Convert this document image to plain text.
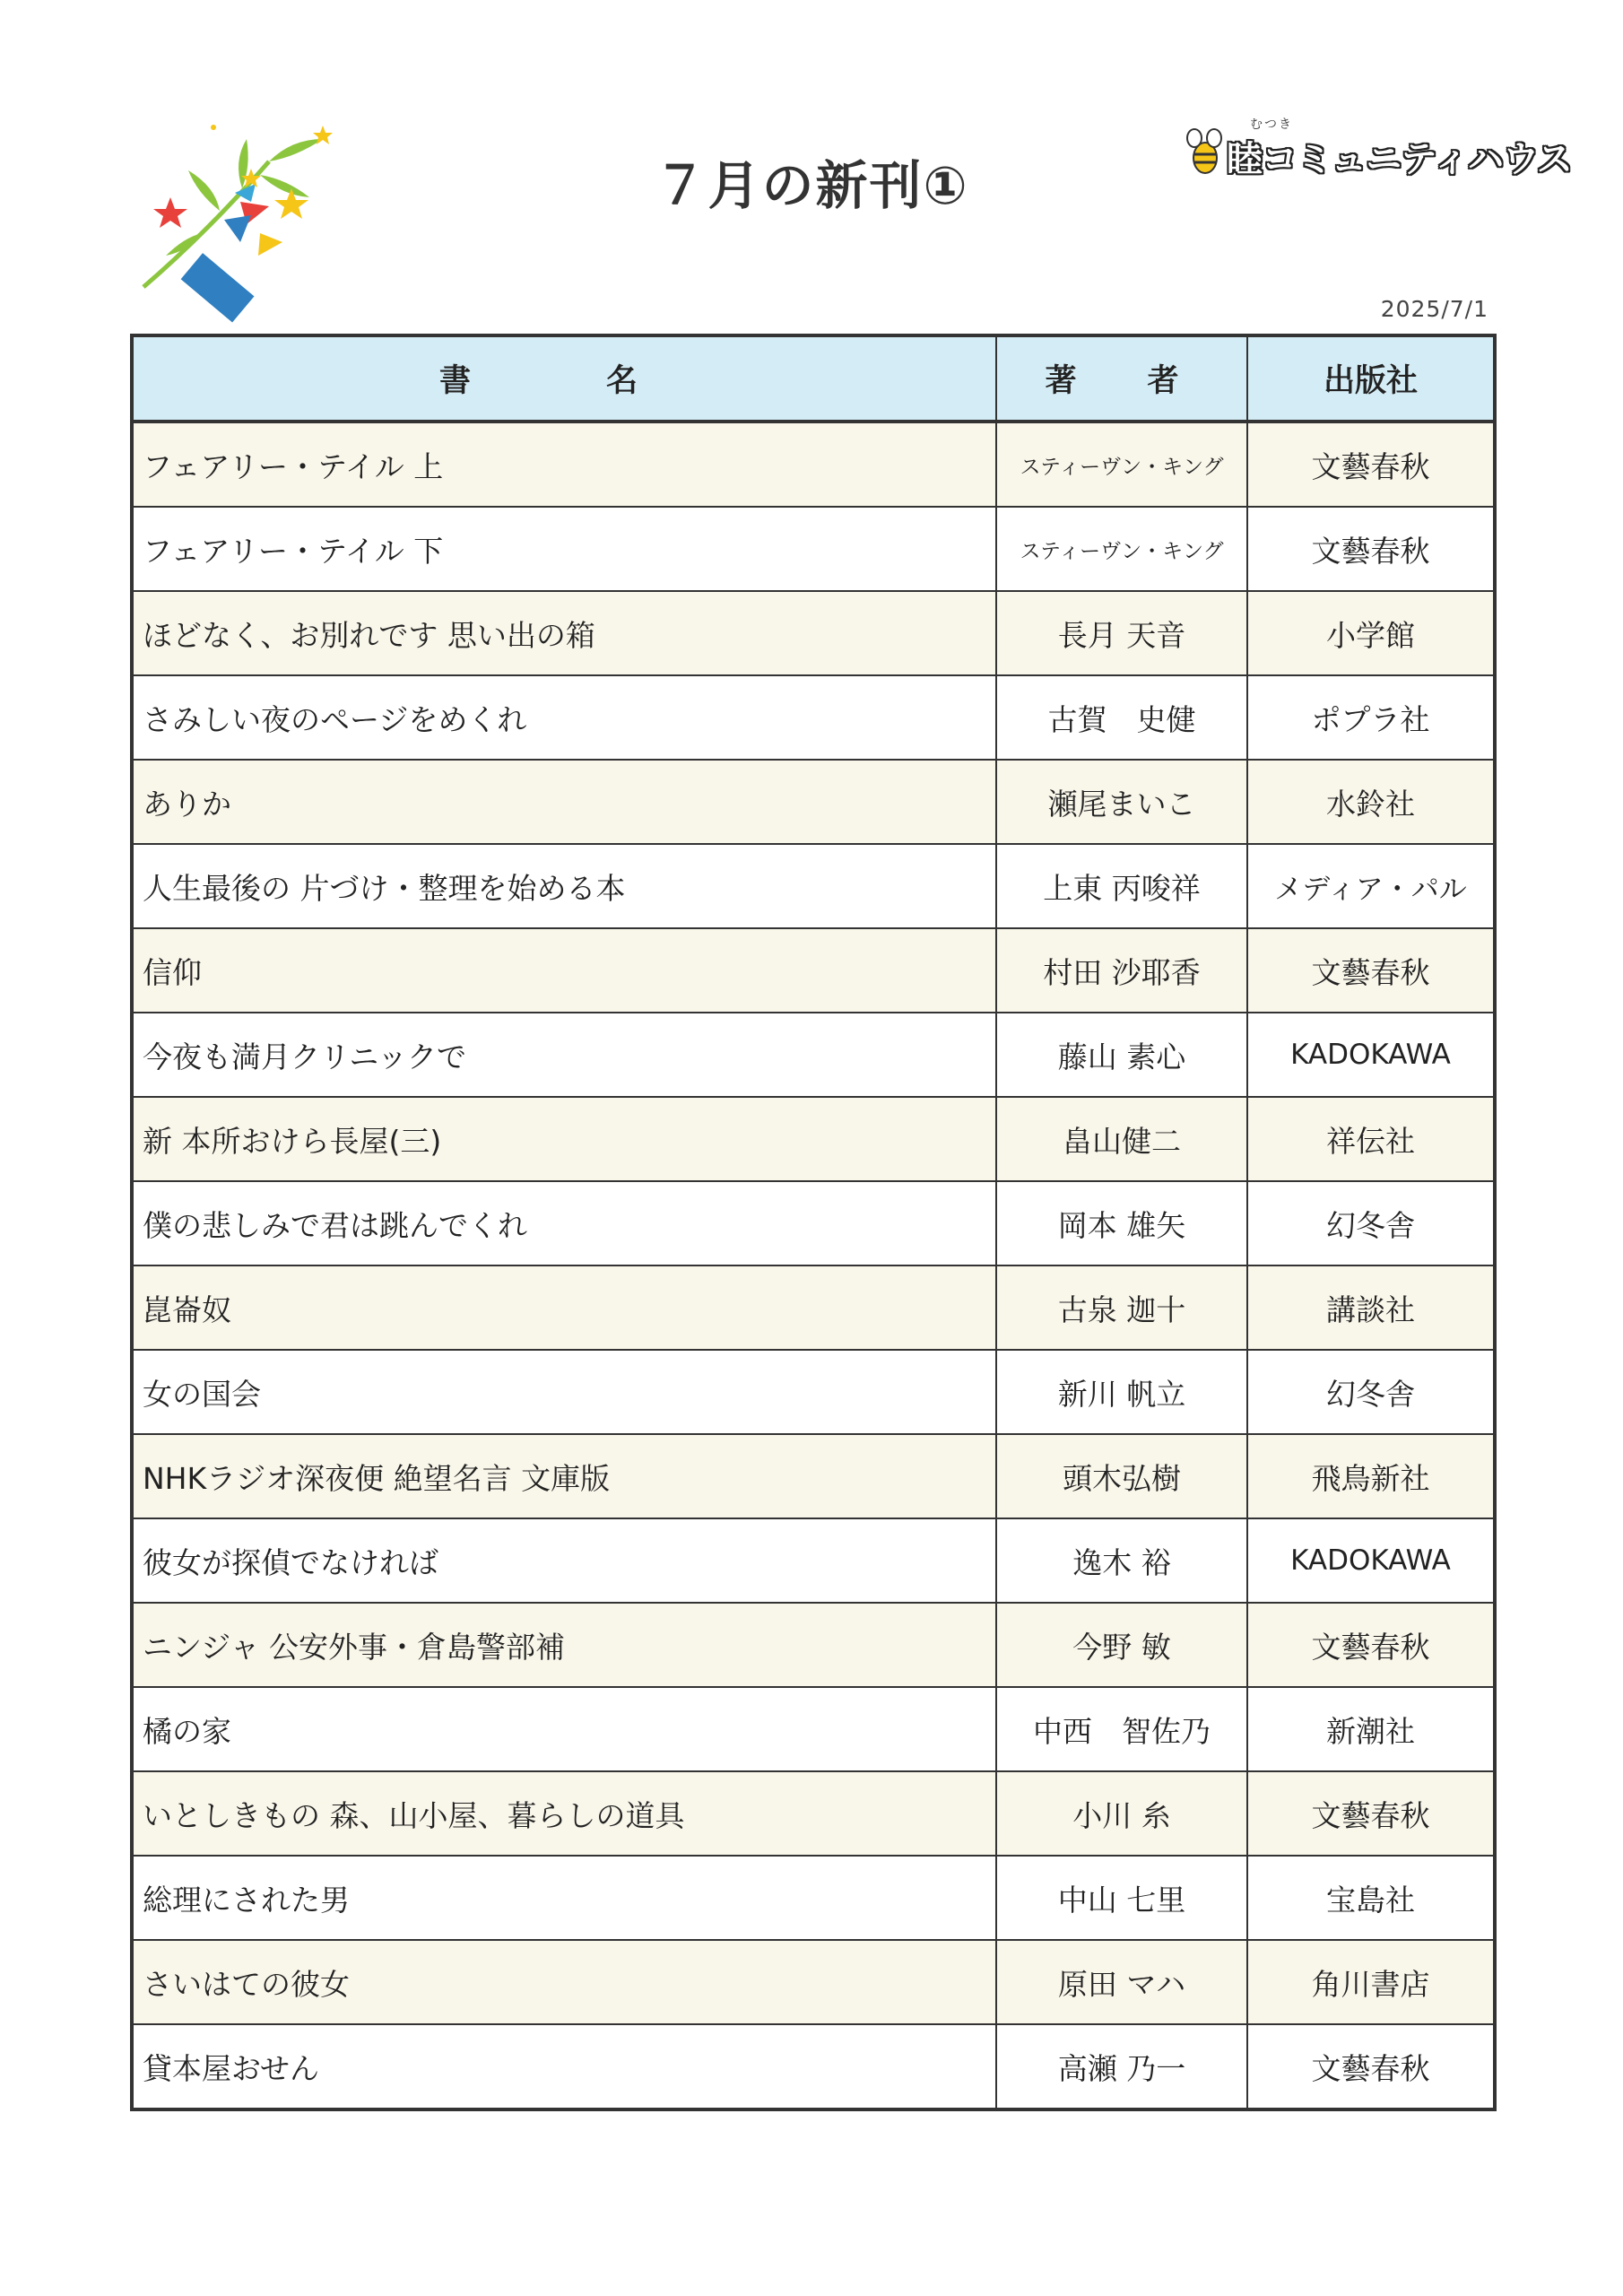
むつき
睦コミュニティハウス
７月の新刊①
2025/7/1
書　名	著　者	出版社
フェアリー・テイル 上	スティーヴン・キング	文藝春秋
フェアリー・テイル 下	スティーヴン・キング	文藝春秋
ほどなく、お別れです 思い出の箱	長月 天音	小学館
さみしい夜のページをめくれ	古賀　史健	ポプラ社
ありか	瀬尾まいこ	水鈴社
人生最後の 片づけ・整理を始める本	上東 丙唆祥	メディア・パル
信仰	村田 沙耶香	文藝春秋
今夜も満月クリニックで	藤山 素心	KADOKAWA
新 本所おけら長屋(三)	畠山健二	祥伝社
僕の悲しみで君は跳んでくれ	岡本 雄矢	幻冬舎
崑崙奴	古泉 迦十	講談社
女の国会	新川 帆立	幻冬舎
NHKラジオ深夜便 絶望名言 文庫版	頭木弘樹	飛鳥新社
彼女が探偵でなければ	逸木 裕	KADOKAWA
ニンジャ 公安外事・倉島警部補	今野 敏	文藝春秋
橘の家	中西　智佐乃	新潮社
いとしきもの 森、山小屋、暮らしの道具	小川 糸	文藝春秋
総理にされた男	中山 七里	宝島社
さいはての彼女	原田 マハ	角川書店
貸本屋おせん	高瀬 乃一	文藝春秋
